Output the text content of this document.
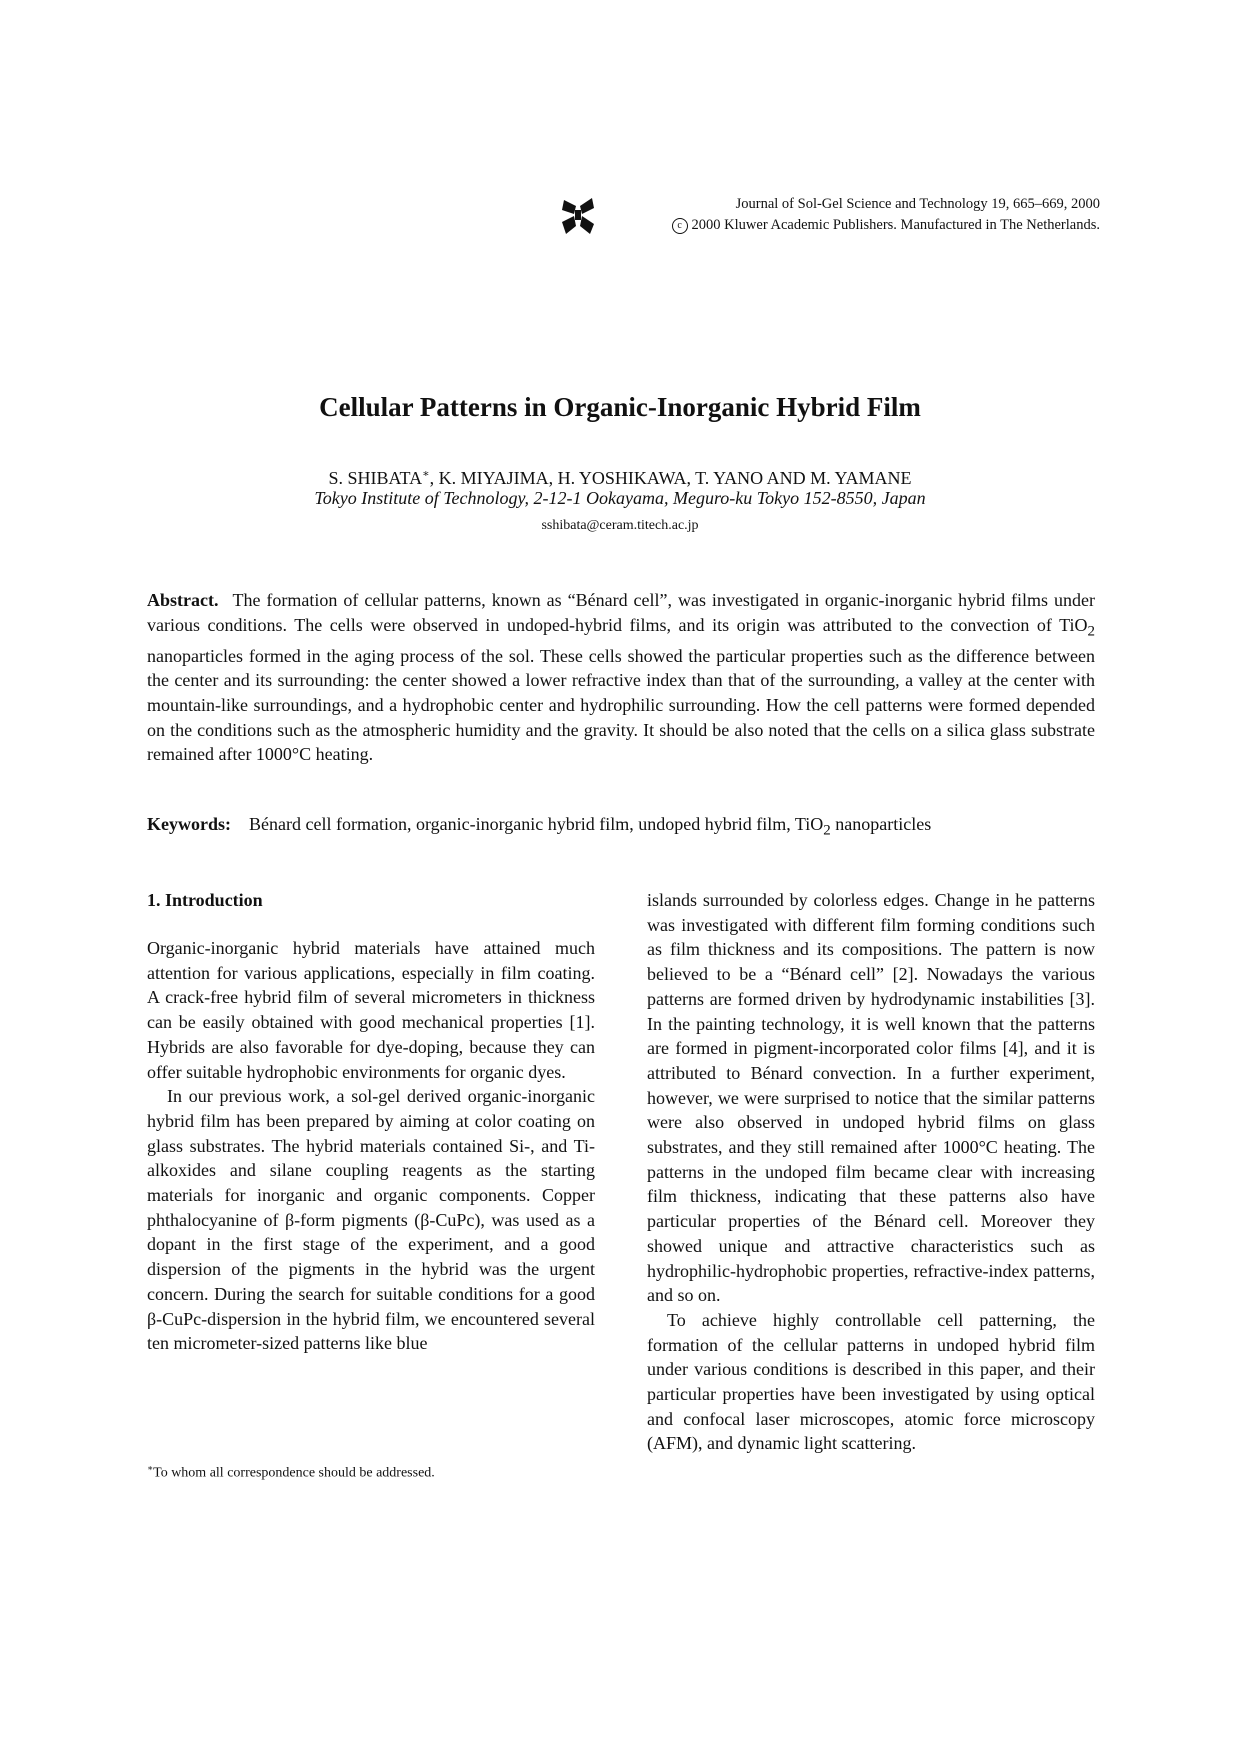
Journal of Sol-Gel Science and Technology 19, 665–669, 2000
c 2000 Kluwer Academic Publishers. Manufactured in The Netherlands.
Cellular Patterns in Organic-Inorganic Hybrid Film
S. SHIBATA∗, K. MIYAJIMA, H. YOSHIKAWA, T. YANO AND M. YAMANE
Tokyo Institute of Technology, 2-12-1 Ookayama, Meguro-ku Tokyo 152-8550, Japan
sshibata@ceram.titech.ac.jp

Abstract. The formation of cellular patterns, known as “Bénard cell”, was investigated in organic-inorganic hybrid films under various conditions. The cells were observed in undoped-hybrid films, and its origin was attributed to the convection of TiO$_2$ nanoparticles formed in the aging process of the sol. These cells showed the particular properties such as the difference between the center and its surrounding: the center showed a lower refractive index than that of the surrounding, a valley at the center with mountain-like surroundings, and a hydrophobic center and hydrophilic surrounding. How the cell patterns were formed depended on the conditions such as the atmospheric humidity and the gravity. It should be also noted that the cells on a silica glass substrate remained after 1000°C heating.

Keywords: Bénard cell formation, organic-inorganic hybrid film, undoped hybrid film, TiO$_2$ nanoparticles

1. Introduction

Organic-inorganic hybrid materials have attained much attention for various applications, especially in film coating. A crack-free hybrid film of several micrometers in thickness can be easily obtained with good mechanical properties [1]. Hybrids are also favorable for dye-doping, because they can offer suitable hydrophobic environments for organic dyes.

In our previous work, a sol-gel derived organic-inorganic hybrid film has been prepared by aiming at color coating on glass substrates. The hybrid materials contained Si-, and Ti-alkoxides and silane coupling reagents as the starting materials for inorganic and organic components. Copper phthalocyanine of β-form pigments (β-CuPc), was used as a dopant in the first stage of the experiment, and a good dispersion of the pigments in the hybrid was the urgent concern. During the search for suitable conditions for a good β-CuPc-dispersion in the hybrid film, we encountered several ten micrometer-sized patterns like blue

islands surrounded by colorless edges. Change in he patterns was investigated with different film forming conditions such as film thickness and its compositions. The pattern is now believed to be a “Bénard cell” [2]. Nowadays the various patterns are formed driven by hydrodynamic instabilities [3]. In the painting technology, it is well known that the patterns are formed in pigment-incorporated color films [4], and it is attributed to Bénard convection. In a further experiment, however, we were surprised to notice that the similar patterns were also observed in undoped hybrid films on glass substrates, and they still remained after 1000°C heating. The patterns in the undoped film became clear with increasing film thickness, indicating that these patterns also have particular properties of the Bénard cell. Moreover they showed unique and attractive characteristics such as hydrophilic-hydrophobic properties, refractive-index patterns, and so on.

To achieve highly controllable cell patterning, the formation of the cellular patterns in undoped hybrid film under various conditions is described in this paper, and their particular properties have been investigated by using optical and confocal laser microscopes, atomic force microscopy (AFM), and dynamic light scattering.

∗To whom all correspondence should be addressed.
